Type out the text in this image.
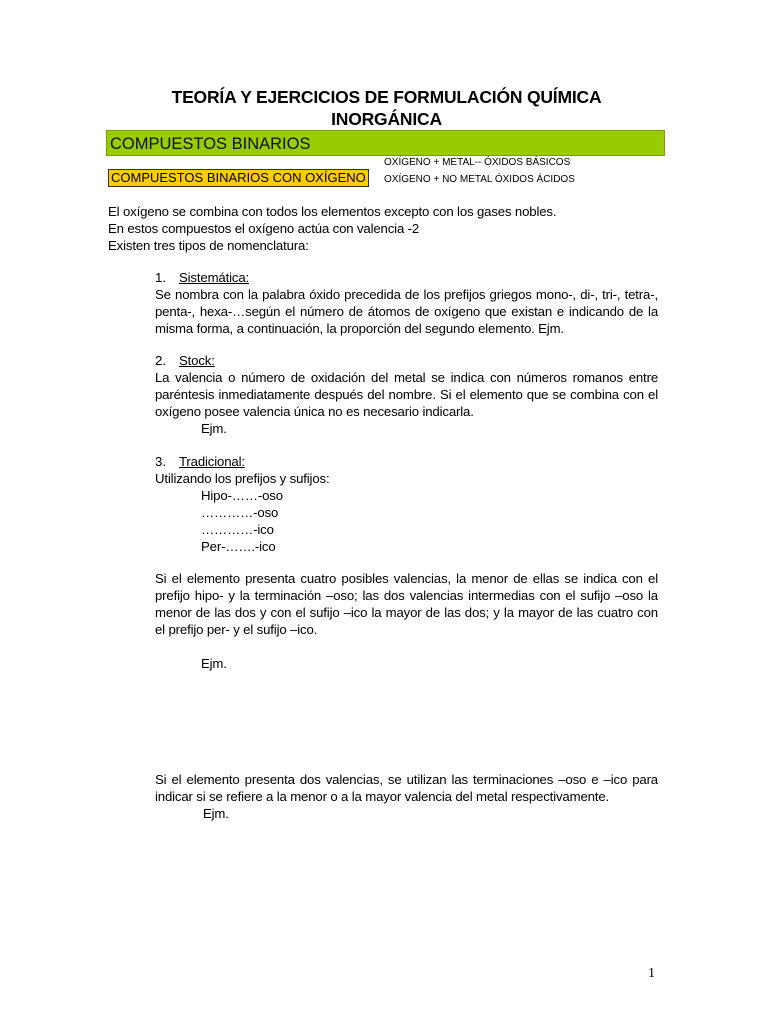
TEORÍA Y EJERCICIOS DE FORMULACIÓN QUÍMICA
INORGÁNICA
COMPUESTOS BINARIOS
OXÍGENO + METAL-- ÓXIDOS BÁSICOS
COMPUESTOS BINARIOS CON OXÍGENO	OXÍGENO + NO METAL ÓXIDOS ÁCIDOS
El oxígeno se combina con todos los elementos excepto con los gases nobles.
En estos compuestos el oxígeno actúa con valencia -2
Existen tres tipos de nomenclatura:
1. Sistemática:
Se nombra con la palabra óxido precedida de los prefijos griegos mono-, di-, tri-, tetra-, penta-, hexa-…según el número de átomos de oxígeno que existan e indicando de la misma forma, a continuación, la proporción del segundo elemento. Ejm.
2. Stock:
La valencia o número de oxidación del metal se indica con números romanos entre paréntesis inmediatamente después del nombre. Si el elemento que se combina con el oxígeno posee valencia única no es necesario indicarla.
Ejm.
3. Tradicional:
Utilizando los prefijos y sufijos:
Hipo-……-oso
…………-oso
…………-ico
Per-…….-ico
Si el elemento presenta cuatro posibles valencias, la menor de ellas se indica con el prefijo hipo- y la terminación –oso; las dos valencias intermedias con el sufijo –oso la menor de las dos y con el sufijo –ico la mayor de las dos; y la mayor de las cuatro con el prefijo per- y el sufijo –ico.
Ejm.
Si el elemento presenta dos valencias, se utilizan las terminaciones –oso e –ico para indicar si se refiere a la menor o a la mayor valencia del metal respectivamente.
Ejm.
1
